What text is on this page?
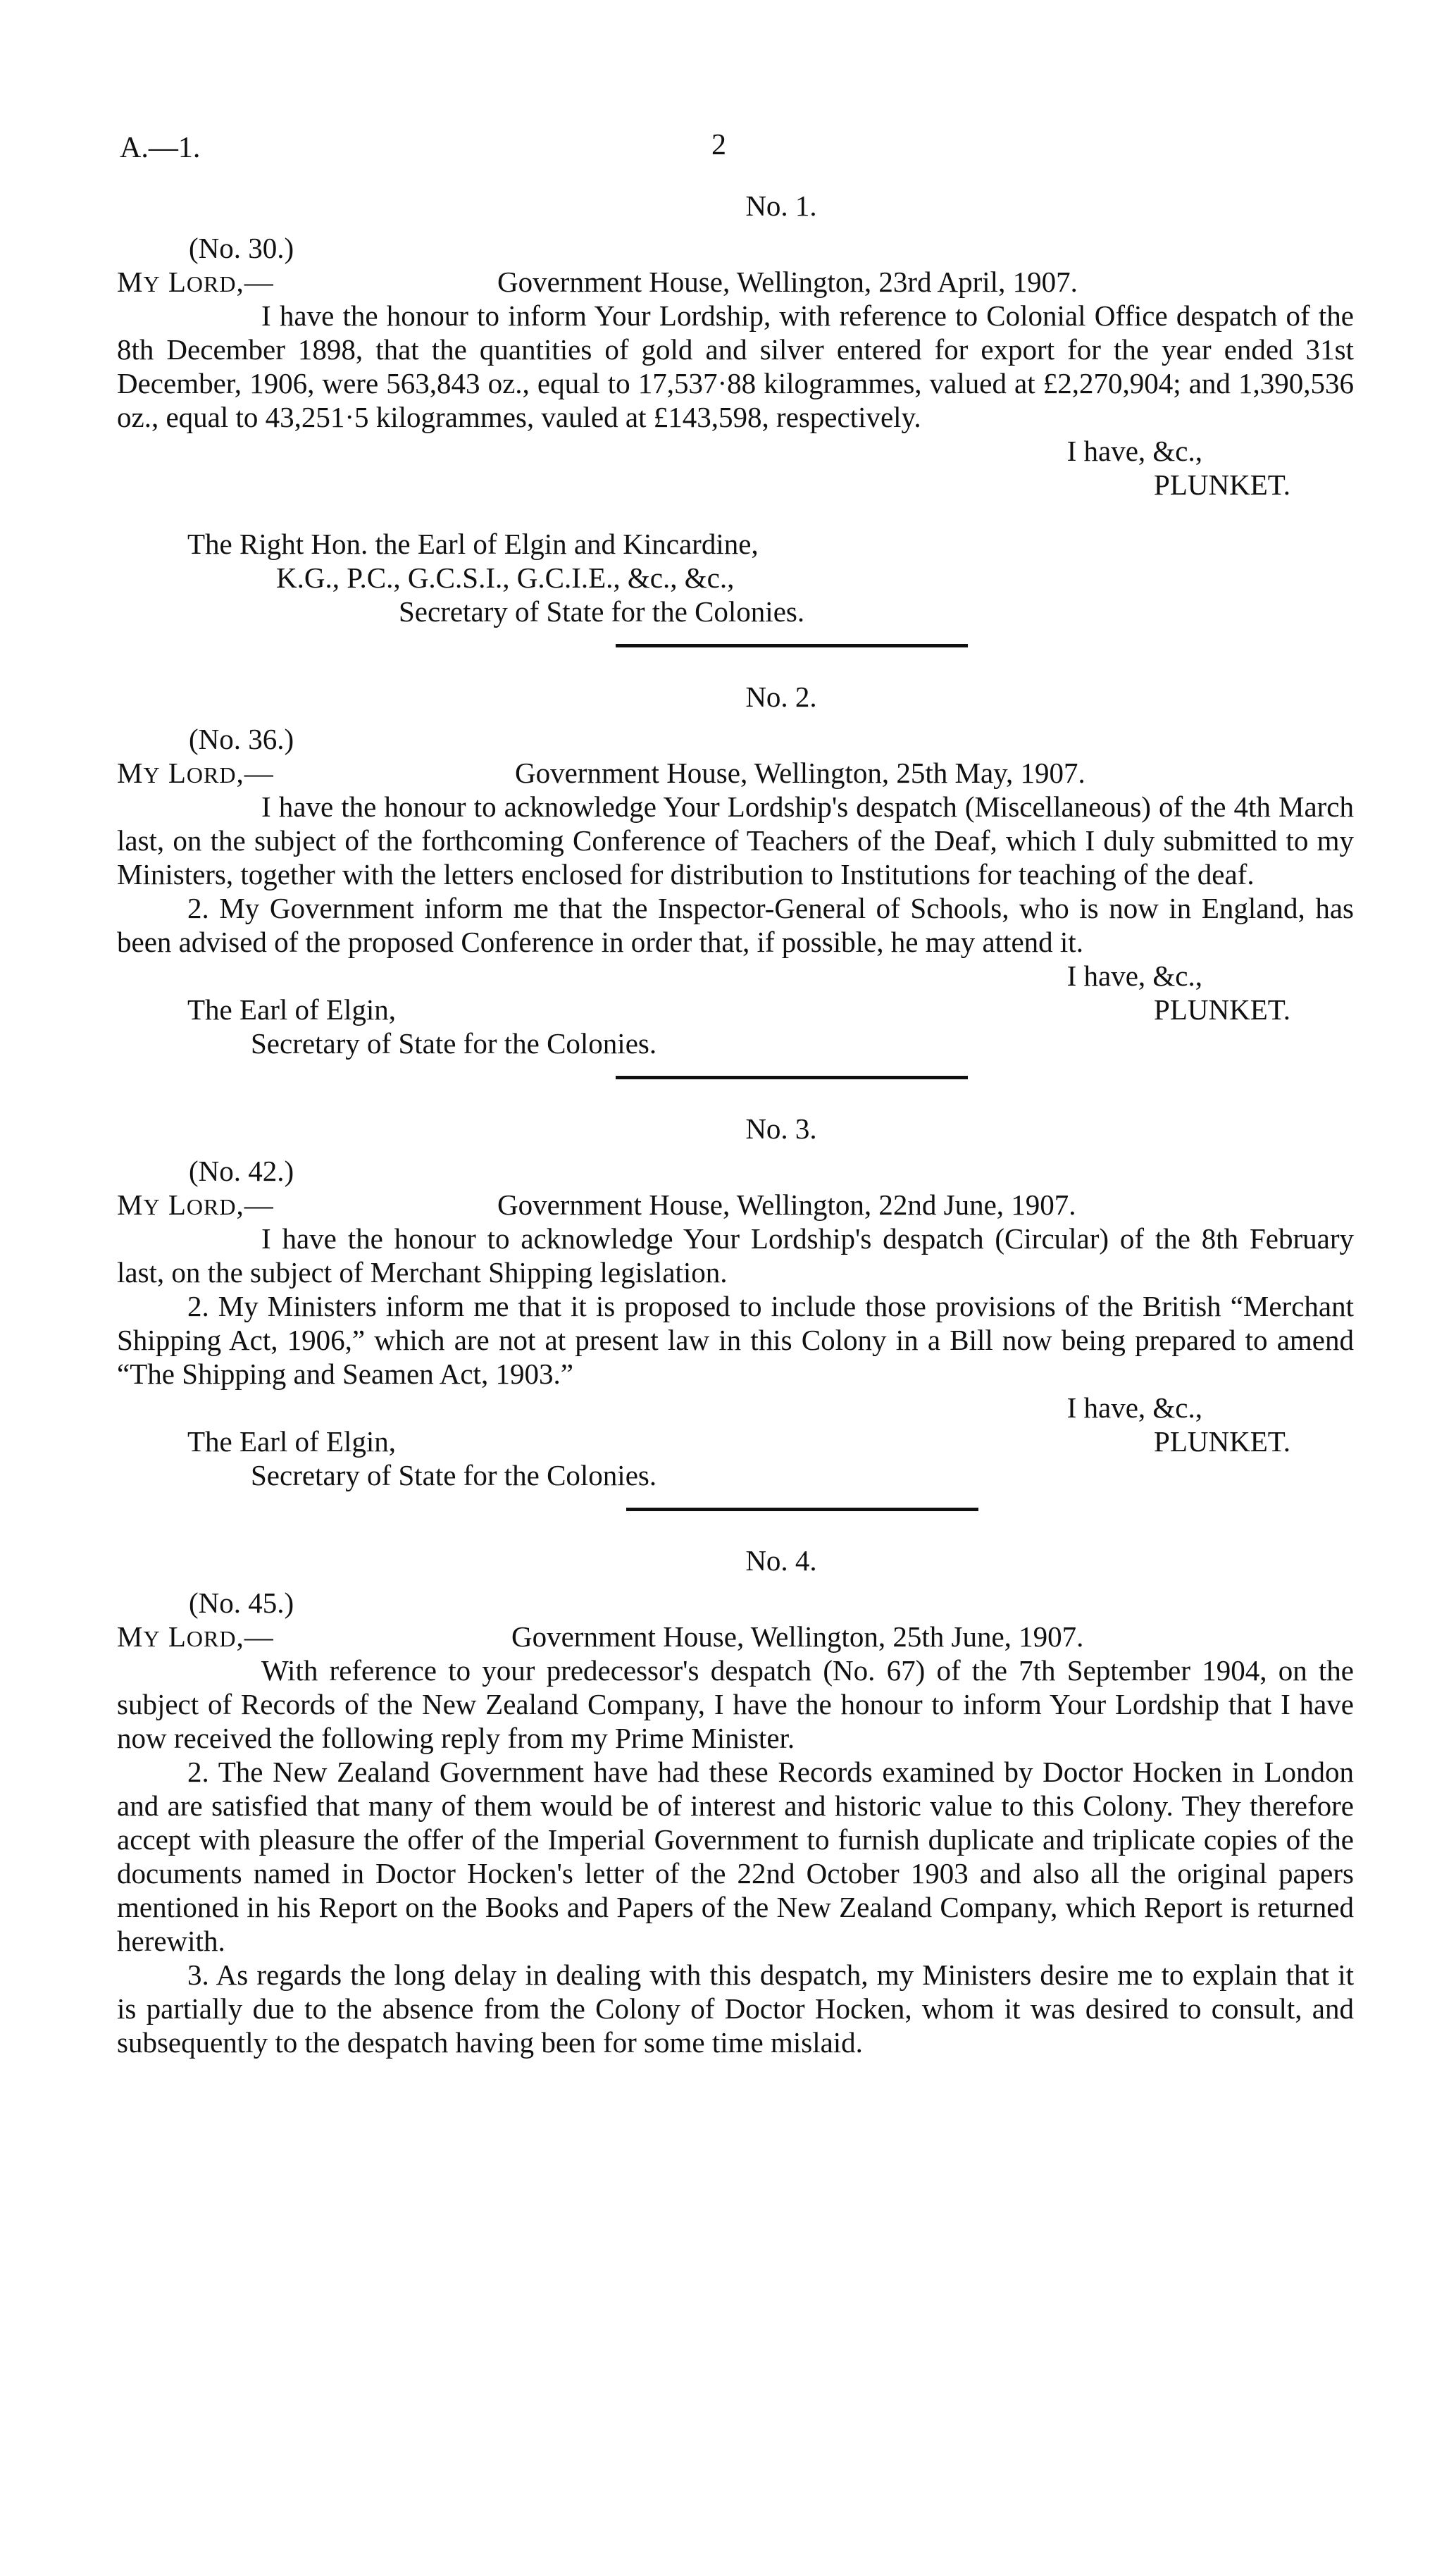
A.—1.	2
No. 1.
(No. 30.)
MY LORD,—	Government House, Wellington, 23rd April, 1907.

I have the honour to inform Your Lordship, with reference to Colonial Office despatch of the 8th December 1898, that the quantities of gold and silver entered for export for the year ended 31st December, 1906, were 563,843 oz., equal to 17,537·88 kilogrammes, valued at £2,270,904; and 1,390,536 oz., equal to 43,251·5 kilogrammes, vauled at £143,598, respectively.

I have, &c.,
PLUNKET.
The Right Hon. the Earl of Elgin and Kincardine,
K.G., P.C., G.C.S.I., G.C.I.E., &c., &c.,
Secretary of State for the Colonies.
No. 2.
(No. 36.)
MY LORD,—	Government House, Wellington, 25th May, 1907.

I have the honour to acknowledge Your Lordship's despatch (Miscellaneous) of the 4th March last, on the subject of the forthcoming Conference of Teachers of the Deaf, which I duly submitted to my Ministers, together with the letters enclosed for distribution to Institutions for teaching of the deaf.

2. My Government inform me that the Inspector-General of Schools, who is now in England, has been advised of the proposed Conference in order that, if possible, he may attend it.

I have, &c.,
The Earl of Elgin,	PLUNKET.
Secretary of State for the Colonies.
No. 3.
(No. 42.)
MY LORD,—	Government House, Wellington, 22nd June, 1907.

I have the honour to acknowledge Your Lordship's despatch (Circular) of the 8th February last, on the subject of Merchant Shipping legislation.

2. My Ministers inform me that it is proposed to include those provisions of the British “Merchant Shipping Act, 1906,” which are not at present law in this Colony in a Bill now being prepared to amend “The Shipping and Seamen Act, 1903.”

I have, &c.,
The Earl of Elgin,	PLUNKET.
Secretary of State for the Colonies.
No. 4.
(No. 45.)
MY LORD,—	Government House, Wellington, 25th June, 1907.

With reference to your predecessor's despatch (No. 67) of the 7th September 1904, on the subject of Records of the New Zealand Company, I have the honour to inform Your Lordship that I have now received the following reply from my Prime Minister.

2. The New Zealand Government have had these Records examined by Doctor Hocken in London and are satisfied that many of them would be of interest and historic value to this Colony. They therefore accept with pleasure the offer of the Imperial Government to furnish duplicate and triplicate copies of the documents named in Doctor Hocken's letter of the 22nd October 1903 and also all the original papers mentioned in his Report on the Books and Papers of the New Zealand Company, which Report is returned herewith.

3. As regards the long delay in dealing with this despatch, my Ministers desire me to explain that it is partially due to the absence from the Colony of Doctor Hocken, whom it was desired to consult, and subsequently to the despatch having been for some time mislaid.
